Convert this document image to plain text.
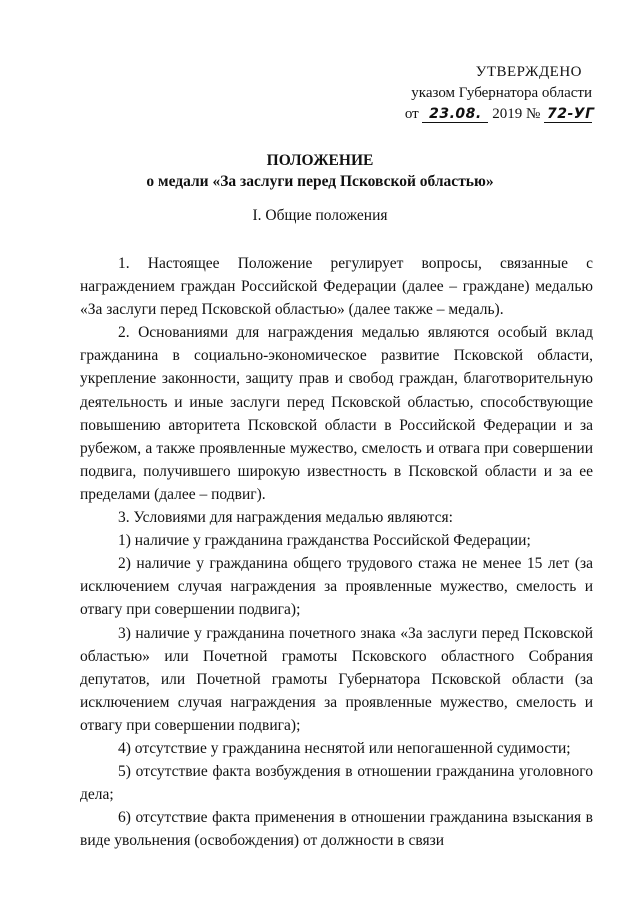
УТВЕРЖДЕНО
указом Губернатора области
от 23.08. 2019 № 72-УГ
ПОЛОЖЕНИЕ
о медали «За заслуги перед Псковской областью»
I. Общие положения

1. Настоящее Положение регулирует вопросы, связанные с награждением граждан Российской Федерации (далее – граждане) медалью «За заслуги перед Псковской областью» (далее также – медаль).

2. Основаниями для награждения медалью являются особый вклад гражданина в социально-экономическое развитие Псковской области, укрепление законности, защиту прав и свобод граждан, благотворительную деятельность и иные заслуги перед Псковской областью, способствующие повышению авторитета Псковской области в Российской Федерации и за рубежом, а также проявленные мужество, смелость и отвага при совершении подвига, получившего широкую известность в Псковской области и за ее пределами (далее – подвиг).

3. Условиями для награждения медалью являются:

1) наличие у гражданина гражданства Российской Федерации;

2) наличие у гражданина общего трудового стажа не менее 15 лет (за исключением случая награждения за проявленные мужество, смелость и отвагу при совершении подвига);

3) наличие у гражданина почетного знака «За заслуги перед Псковской областью» или Почетной грамоты Псковского областного Собрания депутатов, или Почетной грамоты Губернатора Псковской области (за исключением случая награждения за проявленные мужество, смелость и отвагу при совершении подвига);

4) отсутствие у гражданина неснятой или непогашенной судимости;

5) отсутствие факта возбуждения в отношении гражданина уголовного дела;

6) отсутствие факта применения в отношении гражданина взыскания в виде увольнения (освобождения) от должности в связи
